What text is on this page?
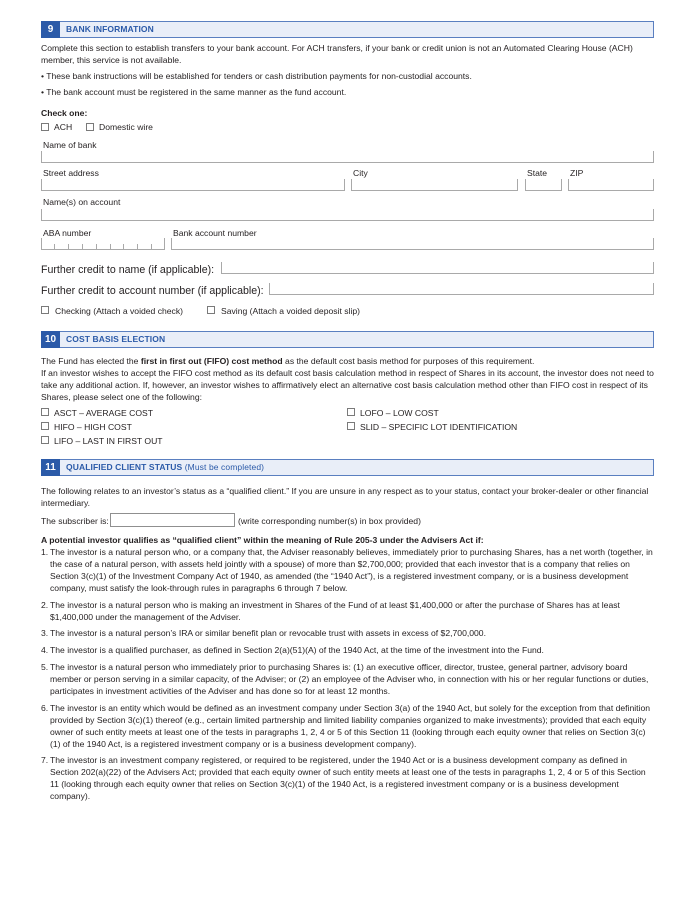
9	BANK INFORMATION
Complete this section to establish transfers to your bank account. For ACH transfers, if your bank or credit union is not an Automated Clearing House (ACH) member, this service is not available.
• These bank instructions will be established for tenders or cash distribution payments for non-custodial accounts.
• The bank account must be registered in the same manner as the fund account.
Check one:
ACH	Domestic wire
Name of bank
Street address	City	State	ZIP
Name(s) on account
ABA number	Bank account number
Further credit to name (if applicable):
Further credit to account number (if applicable):
Checking (Attach a voided check)	Saving (Attach a voided deposit slip)
10	COST BASIS ELECTION
The Fund has elected the first in first out (FIFO) cost method as the default cost basis method for purposes of this requirement.
If an investor wishes to accept the FIFO cost method as its default cost basis calculation method in respect of Shares in its account, the investor does not need to take any additional action. If, however, an investor wishes to affirmatively elect an alternative cost basis calculation method other than FIFO cost in respect of its Shares, please select one of the following:
ASCT – AVERAGE COST
HIFO – HIGH COST
LIFO – LAST IN FIRST OUT
LOFO – LOW COST
SLID – SPECIFIC LOT IDENTIFICATION
11	QUALIFIED CLIENT STATUS (Must be completed)
The following relates to an investor’s status as a “qualified client.” If you are unsure in any respect as to your status, contact your broker-dealer or other financial intermediary.
The subscriber is:	(write corresponding number(s) in box provided)
A potential investor qualifies as “qualified client” within the meaning of Rule 205-3 under the Advisers Act if:
1. The investor is a natural person who, or a company that, the Adviser reasonably believes, immediately prior to purchasing Shares, has a net worth (together, in the case of a natural person, with assets held jointly with a spouse) of more than $2,700,000; provided that each investor that is a company that relies on Section 3(c)(1) of the Investment Company Act of 1940, as amended (the “1940 Act”), is a registered investment company, or is a business development company, must satisfy the look-through rules in paragraphs 6 through 7 below.
2. The investor is a natural person who is making an investment in Shares of the Fund of at least $1,400,000 or after the purchase of Shares has at least $1,400,000 under the management of the Adviser.
3. The investor is a natural person’s IRA or similar benefit plan or revocable trust with assets in excess of $2,700,000.
4. The investor is a qualified purchaser, as defined in Section 2(a)(51)(A) of the 1940 Act, at the time of the investment into the Fund.
5. The investor is a natural person who immediately prior to purchasing Shares is: (1) an executive officer, director, trustee, general partner, advisory board member or person serving in a similar capacity, of the Adviser; or (2) an employee of the Adviser who, in connection with his or her regular functions or duties, participates in investment activities of the Adviser and has done so for at least 12 months.
6. The investor is an entity which would be defined as an investment company under Section 3(a) of the 1940 Act, but solely for the exception from that definition provided by Section 3(c)(1) thereof (e.g., certain limited partnership and limited liability companies organized to make investments); provided that each equity owner of such entity meets at least one of the tests in paragraphs 1, 2, 4 or 5 of this Section 11 (looking through each equity owner that relies on Section 3(c)(1) of the 1940 Act, is a registered investment company or is a business development company).
7. The investor is an investment company registered, or required to be registered, under the 1940 Act or is a business development company as defined in Section 202(a)(22) of the Advisers Act; provided that each equity owner of such entity meets at least one of the tests in paragraphs 1, 2, 4 or 5 of this Section 11 (looking through each equity owner that relies on Section 3(c)(1) of the 1940 Act, is a registered investment company or is a business development company).
